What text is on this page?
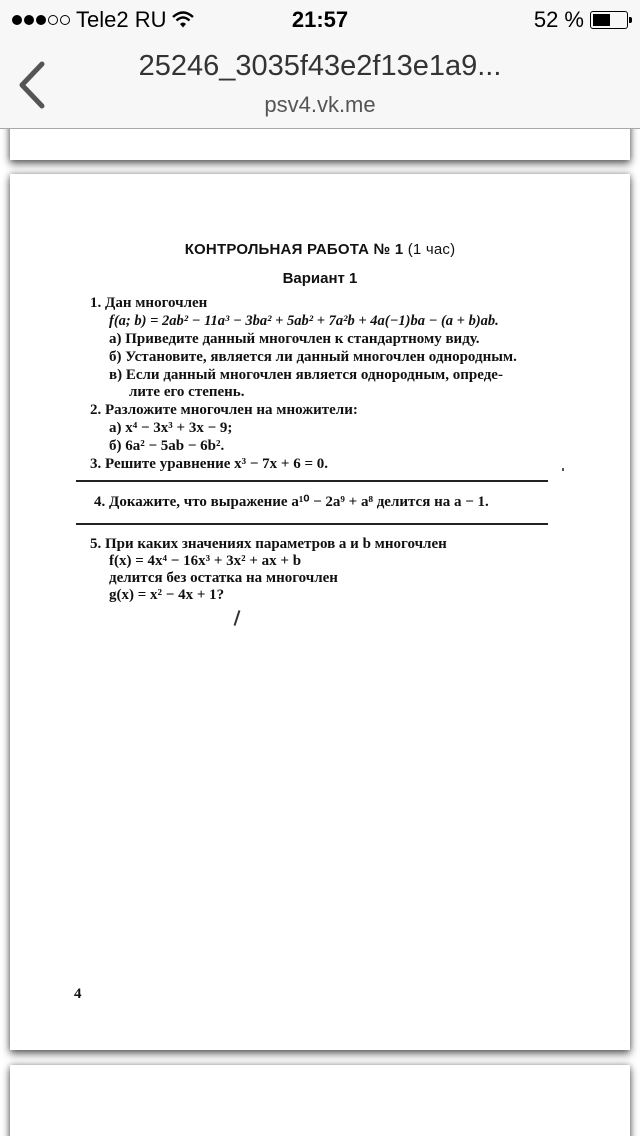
Tele2 RU	21:57	52 %
25246_3035f43e2f13e1a9...
psv4.vk.me
КОНТРОЛЬНАЯ РАБОТА № 1 (1 час)
Вариант 1
1. Дан многочлен
f(a; b) = 2ab² − 11a³ − 3ba² + 5ab² + 7a²b + 4a(−1)ba − (a + b)ab.
а) Приведите данный многочлен к стандартному виду.
б) Установите, является ли данный многочлен однородным.
в) Если данный многочлен является однородным, опреде-
лите его степень.
2. Разложите многочлен на множители:
а) x⁴ − 3x³ + 3x − 9;
б) 6a² − 5ab − 6b².
3. Решите уравнение x³ − 7x + 6 = 0.
4. Докажите, что выражение a¹⁰ − 2a⁹ + a⁸ делится на a − 1.
5. При каких значениях параметров a и b многочлен
f(x) = 4x⁴ − 16x³ + 3x² + ax + b
делится без остатка на многочлен
g(x) = x² − 4x + 1?
4
